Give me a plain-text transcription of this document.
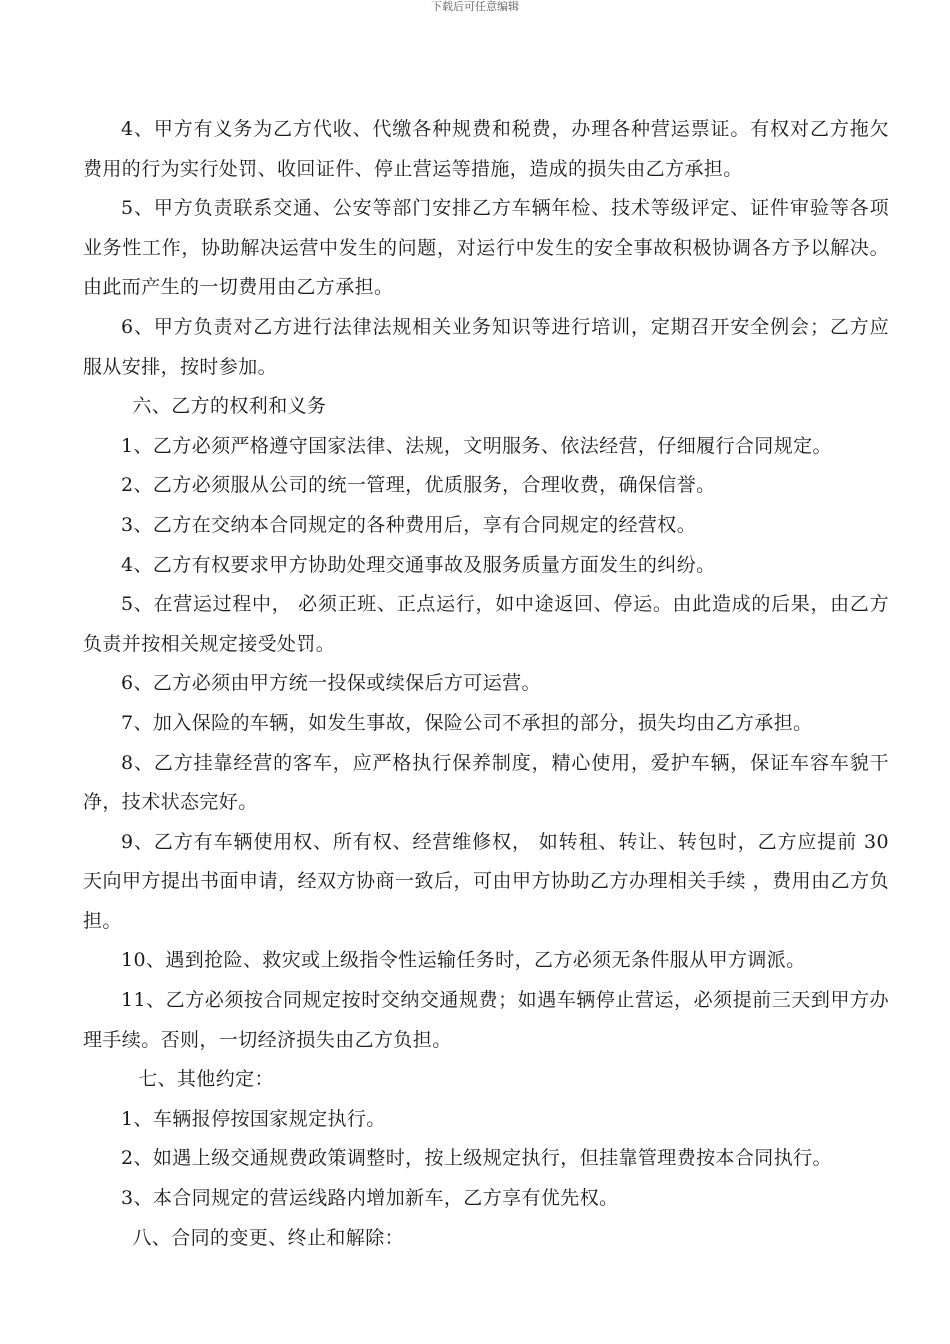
下载后可任意编辑

4、甲方有义务为乙方代收、代缴各种规费和税费，办理各种营运票证。有权对乙方拖欠费用的行为实行处罚、收回证件、停止营运等措施，造成的损失由乙方承担。

5、甲方负责联系交通、公安等部门安排乙方车辆年检、技术等级评定、证件审验等各项业务性工作，协助解决运营中发生的问题，对运行中发生的安全事故积极协调各方予以解决。由此而产生的一切费用由乙方承担。

6、甲方负责对乙方进行法律法规相关业务知识等进行培训，定期召开安全例会；乙方应服从安排，按时参加。

六、乙方的权利和义务

1、乙方必须严格遵守国家法律、法规，文明服务、依法经营，仔细履行合同规定。

2、乙方必须服从公司的统一管理，优质服务，合理收费，确保信誉。

3、乙方在交纳本合同规定的各种费用后，享有合同规定的经营权。

4、乙方有权要求甲方协助处理交通事故及服务质量方面发生的纠纷。

5、在营运过程中， 必须正班、正点运行，如中途返回、停运。由此造成的后果，由乙方负责并按相关规定接受处罚。

6、乙方必须由甲方统一投保或续保后方可运营。

7、加入保险的车辆，如发生事故，保险公司不承担的部分，损失均由乙方承担。

8、乙方挂靠经营的客车，应严格执行保养制度，精心使用，爱护车辆，保证车容车貌干净，技术状态完好。

9、乙方有车辆使用权、所有权、经营维修权， 如转租、转让、转包时，乙方应提前 30 天向甲方提出书面申请，经双方协商一致后，可由甲方协助乙方办理相关手续 ，费用由乙方负担。

10、遇到抢险、救灾或上级指令性运输任务时，乙方必须无条件服从甲方调派。

11、乙方必须按合同规定按时交纳交通规费；如遇车辆停止营运，必须提前三天到甲方办理手续。否则，一切经济损失由乙方负担。

七、其他约定：

1、车辆报停按国家规定执行。

2、如遇上级交通规费政策调整时，按上级规定执行，但挂靠管理费按本合同执行。

3、本合同规定的营运线路内增加新车，乙方享有优先权。

八、合同的变更、终止和解除：
